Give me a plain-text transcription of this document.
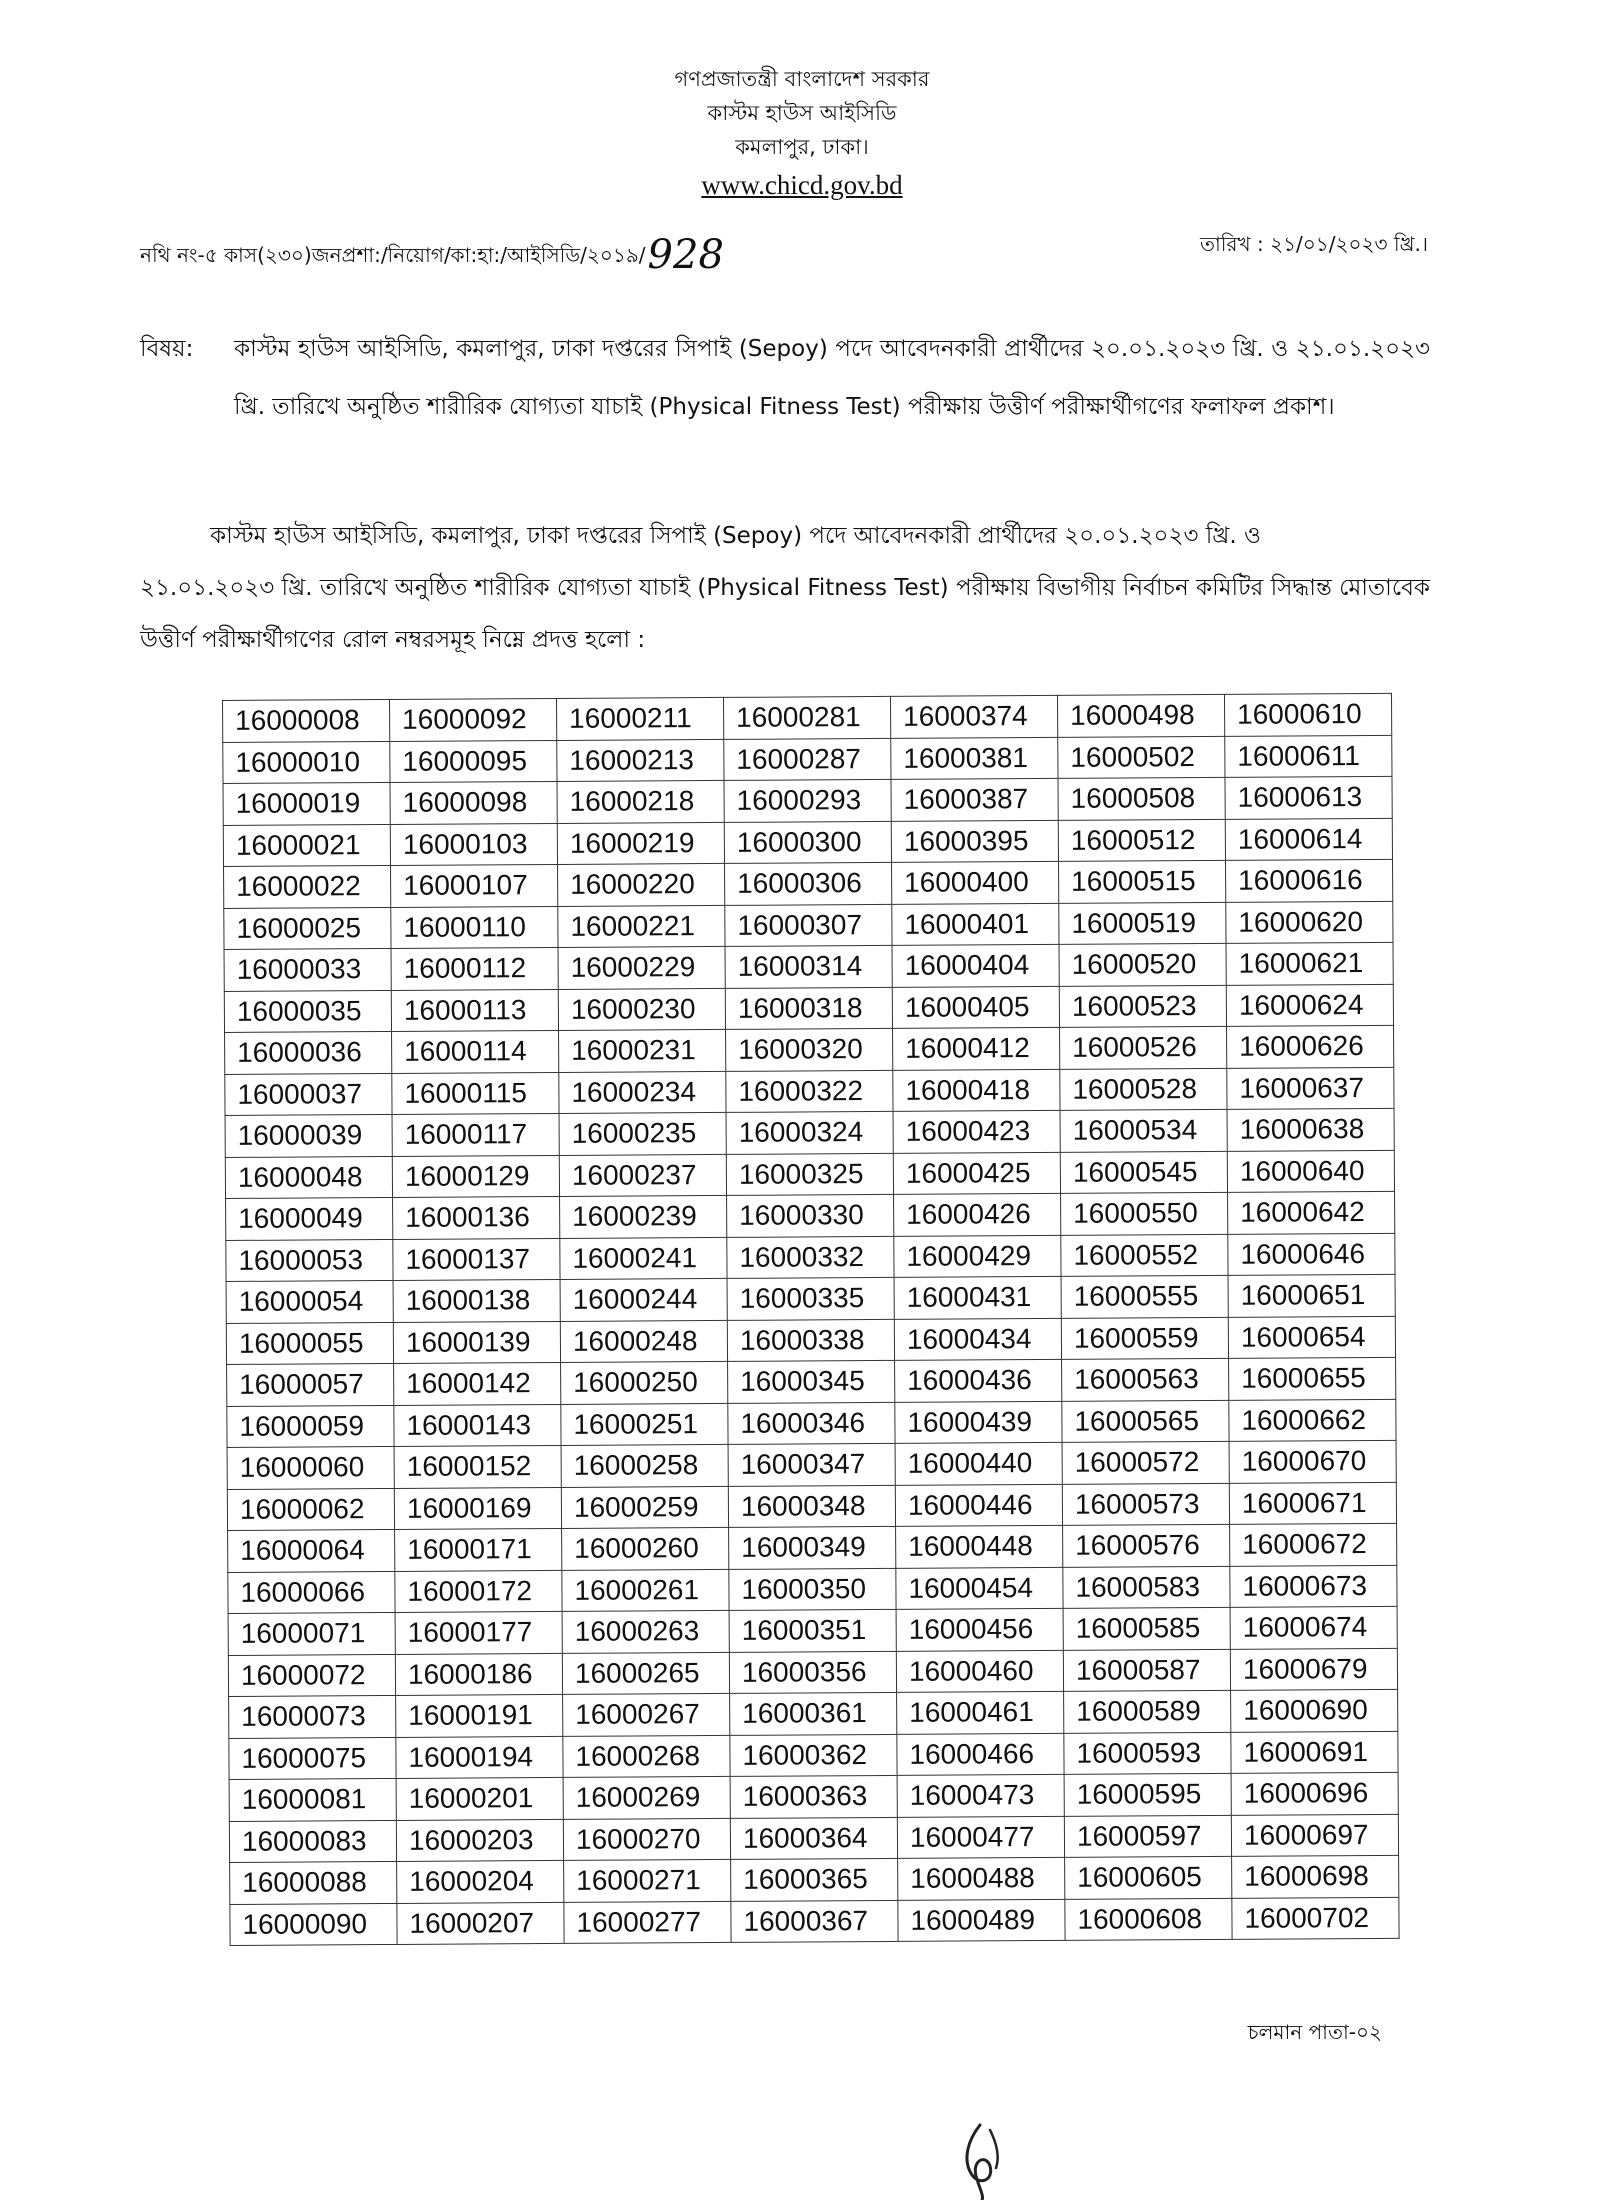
গণপ্রজাতন্ত্রী বাংলাদেশ সরকার
কাস্টম হাউস আইসিডি
কমলাপুর, ঢাকা।
www.chicd.gov.bd
নথি নং-৫ কাস(২৩০)জনপ্রশা:/নিয়োগ/কা:হা:/আইসিডি/২০১৯/928	তারিখ : ২১/০১/২০২৩ খ্রি.।
বিষয়: কাস্টম হাউস আইসিডি, কমলাপুর, ঢাকা দপ্তরের সিপাই (Sepoy) পদে আবেদনকারী প্রার্থীদের ২০.০১.২০২৩ খ্রি. ও ২১.০১.২০২৩ খ্রি. তারিখে অনুষ্ঠিত শারীরিক যোগ্যতা যাচাই (Physical Fitness Test) পরীক্ষায় উত্তীর্ণ পরীক্ষার্থীগণের ফলাফল প্রকাশ।
কাস্টম হাউস আইসিডি, কমলাপুর, ঢাকা দপ্তরের সিপাই (Sepoy) পদে আবেদনকারী প্রার্থীদের ২০.০১.২০২৩ খ্রি. ও
২১.০১.২০২৩ খ্রি. তারিখে অনুষ্ঠিত শারীরিক যোগ্যতা যাচাই (Physical Fitness Test) পরীক্ষায় বিভাগীয় নির্বাচন কমিটির সিদ্ধান্ত মোতাবেক উত্তীর্ণ পরীক্ষার্থীগণের রোল নম্বরসমূহ নিম্নে প্রদত্ত হলো :
16000008	16000092	16000211	16000281	16000374	16000498	16000610
16000010	16000095	16000213	16000287	16000381	16000502	16000611
16000019	16000098	16000218	16000293	16000387	16000508	16000613
16000021	16000103	16000219	16000300	16000395	16000512	16000614
16000022	16000107	16000220	16000306	16000400	16000515	16000616
16000025	16000110	16000221	16000307	16000401	16000519	16000620
16000033	16000112	16000229	16000314	16000404	16000520	16000621
16000035	16000113	16000230	16000318	16000405	16000523	16000624
16000036	16000114	16000231	16000320	16000412	16000526	16000626
16000037	16000115	16000234	16000322	16000418	16000528	16000637
16000039	16000117	16000235	16000324	16000423	16000534	16000638
16000048	16000129	16000237	16000325	16000425	16000545	16000640
16000049	16000136	16000239	16000330	16000426	16000550	16000642
16000053	16000137	16000241	16000332	16000429	16000552	16000646
16000054	16000138	16000244	16000335	16000431	16000555	16000651
16000055	16000139	16000248	16000338	16000434	16000559	16000654
16000057	16000142	16000250	16000345	16000436	16000563	16000655
16000059	16000143	16000251	16000346	16000439	16000565	16000662
16000060	16000152	16000258	16000347	16000440	16000572	16000670
16000062	16000169	16000259	16000348	16000446	16000573	16000671
16000064	16000171	16000260	16000349	16000448	16000576	16000672
16000066	16000172	16000261	16000350	16000454	16000583	16000673
16000071	16000177	16000263	16000351	16000456	16000585	16000674
16000072	16000186	16000265	16000356	16000460	16000587	16000679
16000073	16000191	16000267	16000361	16000461	16000589	16000690
16000075	16000194	16000268	16000362	16000466	16000593	16000691
16000081	16000201	16000269	16000363	16000473	16000595	16000696
16000083	16000203	16000270	16000364	16000477	16000597	16000697
16000088	16000204	16000271	16000365	16000488	16000605	16000698
16000090	16000207	16000277	16000367	16000489	16000608	16000702
চলমান পাতা-০২
